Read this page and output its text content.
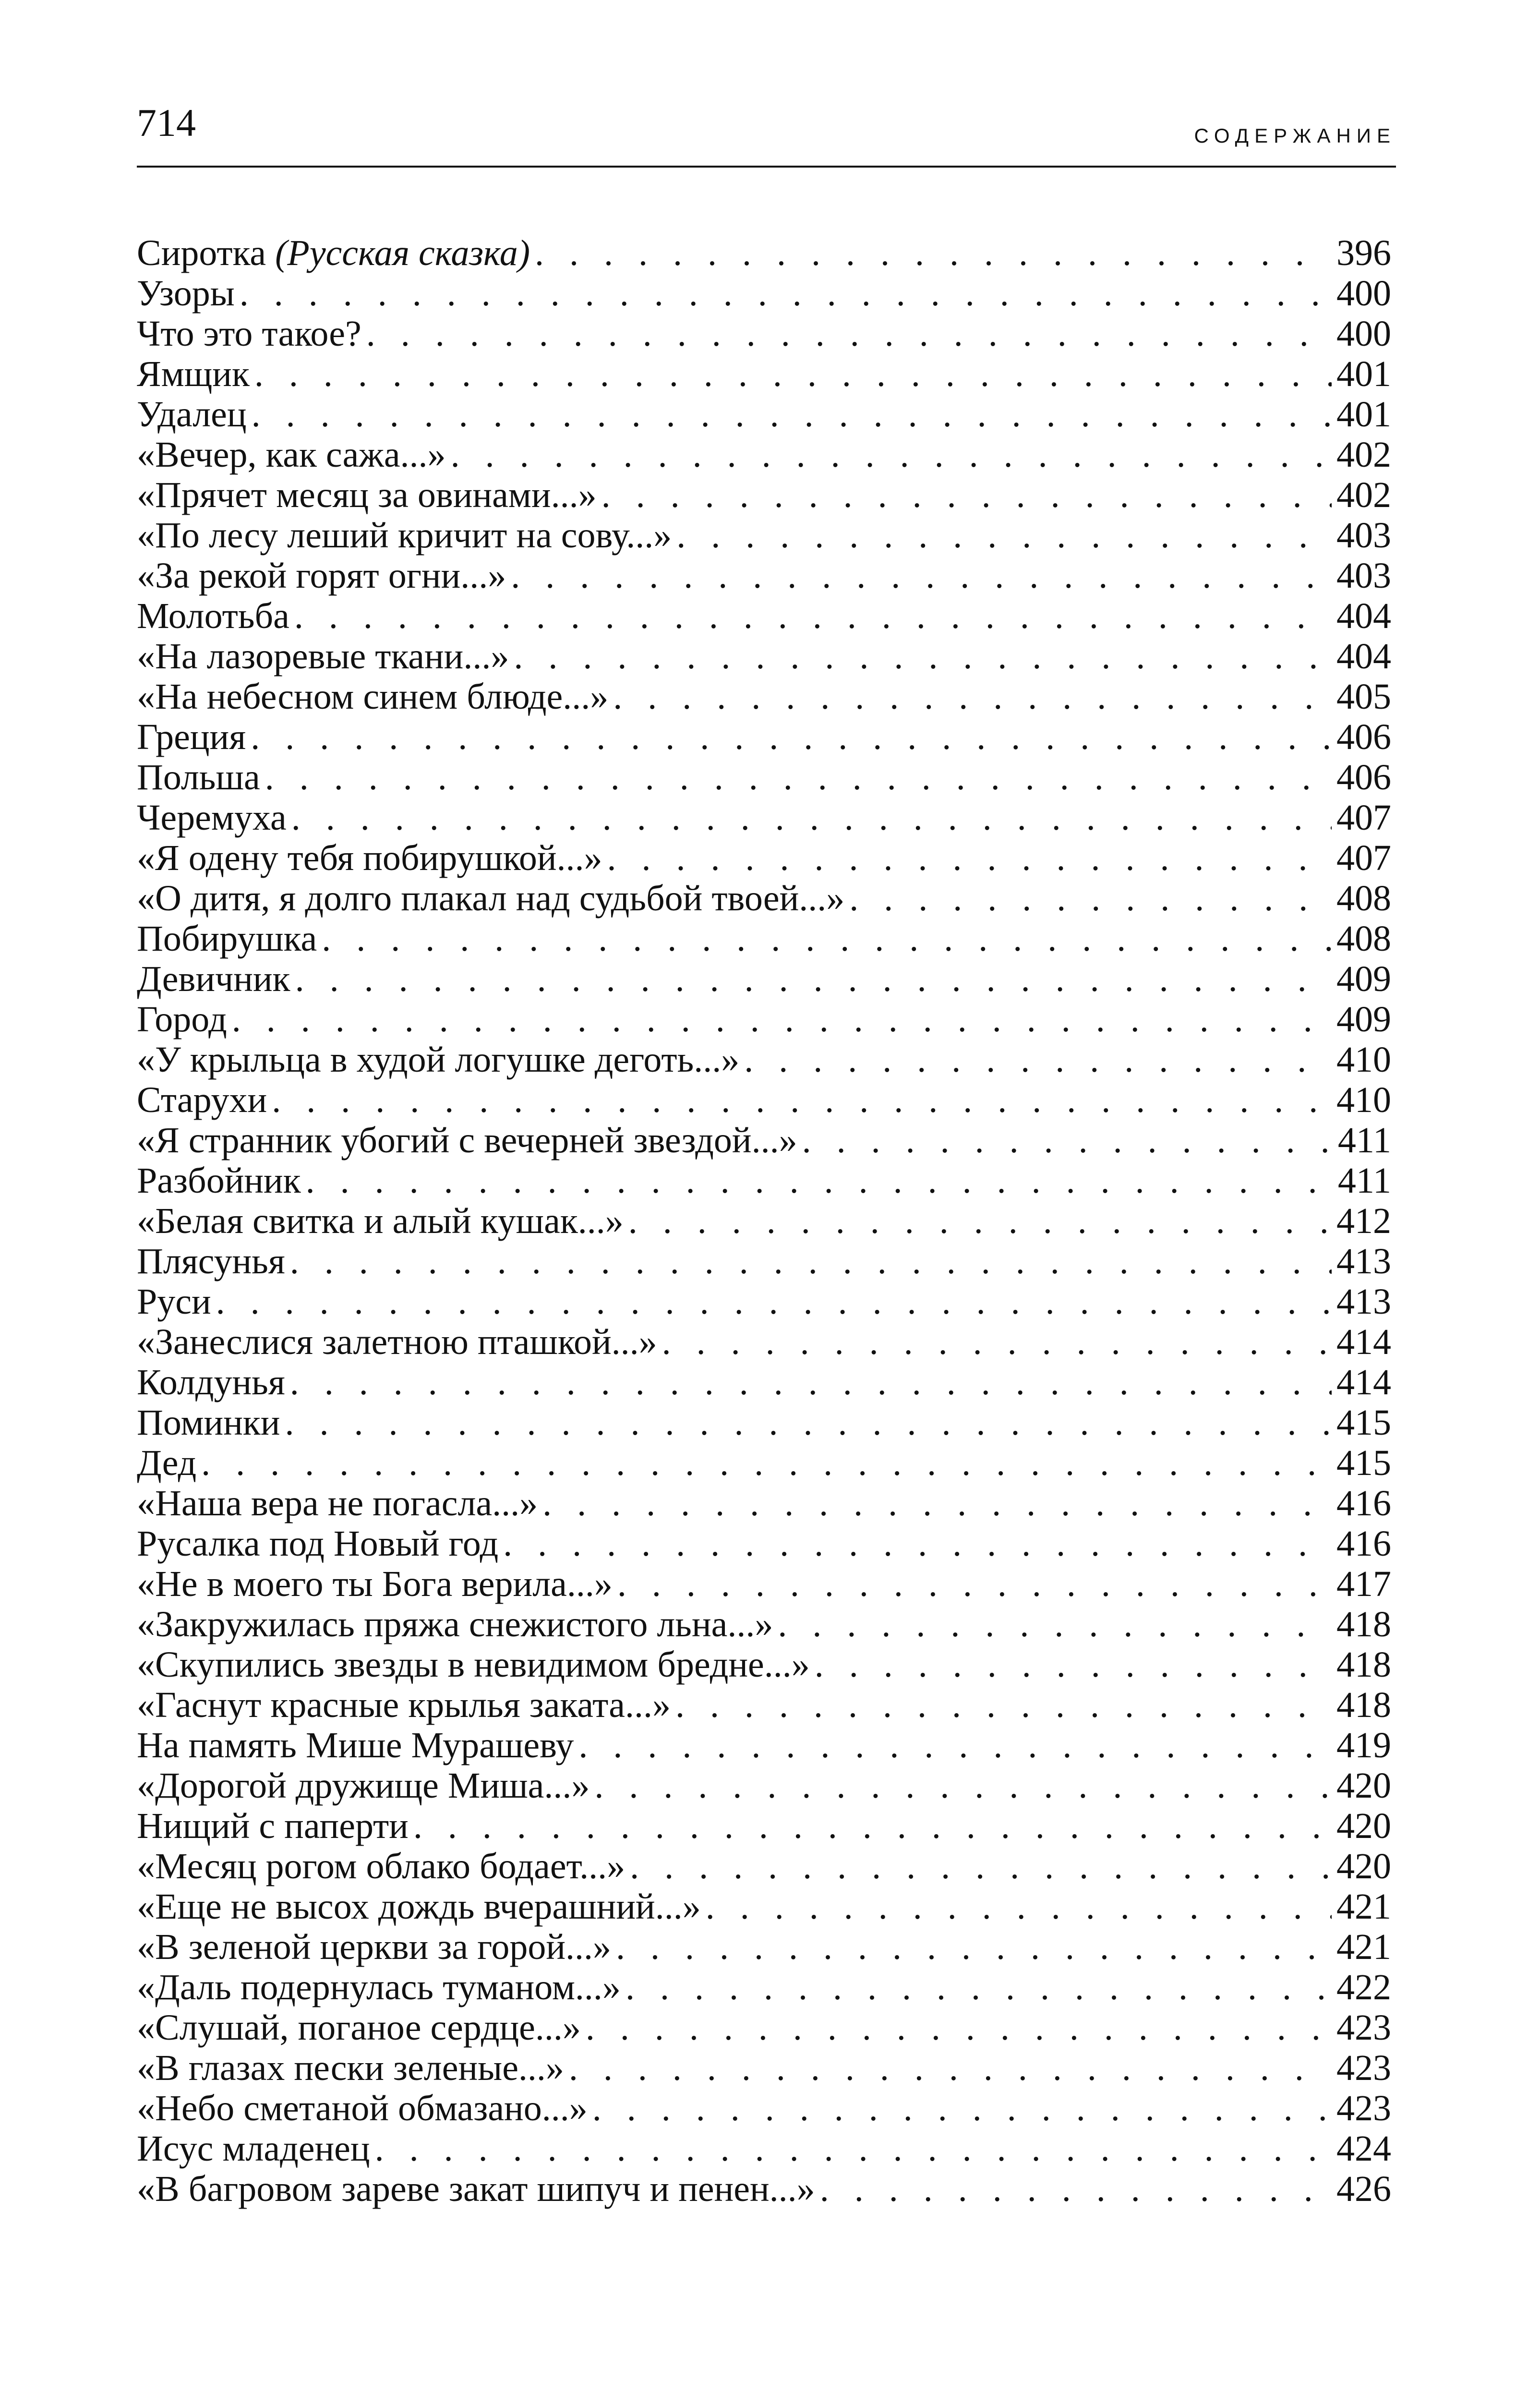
714	СОДЕРЖАНИЕ
Сиротка (Русская сказка) . . .	396
Узоры . . .	400
Что это такое? . . .	400
Ямщик . . .	401
Удалец . . .	401
«Вечер, как сажа...» . . .	402
«Прячет месяц за овинами...» . . .	402
«По лесу леший кричит на сову...» . . .	403
«За рекой горят огни...» . . .	403
Молотьба . . .	404
«На лазоревые ткани...» . . .	404
«На небесном синем блюде...» . . .	405
Греция . . .	406
Польша . . .	406
Черемуха . . .	407
«Я одену тебя побирушкой...» . . .	407
«О дитя, я долго плакал над судьбой твоей...» . . .	408
Побирушка . . .	408
Девичник . . .	409
Город . . .	409
«У крыльца в худой логушке деготь...» . . .	410
Старухи . . .	410
«Я странник убогий с вечерней звездой...» . . .	411
Разбойник . . .	411
«Белая свитка и алый кушак...» . . .	412
Плясунья . . .	413
Руси . . .	413
«Занеслися залетною пташкой...» . . .	414
Колдунья . . .	414
Поминки . . .	415
Дед . . .	415
«Наша вера не погасла...» . . .	416
Русалка под Новый год . . .	416
«Не в моего ты Бога верила...» . . .	417
«Закружилась пряжа снежистого льна...» . . .	418
«Скупились звезды в невидимом бредне...» . . .	418
«Гаснут красные крылья заката...» . . .	418
На память Мише Мурашеву . . .	419
«Дорогой дружище Миша...» . . .	420
Нищий с паперти . . .	420
«Месяц рогом облако бодает...» . . .	420
«Еще не высох дождь вчерашний...» . . .	421
«В зеленой церкви за горой...» . . .	421
«Даль подернулась туманом...» . . .	422
«Слушай, поганое сердце...» . . .	423
«В глазах пески зеленые...» . . .	423
«Небо сметаной обмазано...» . . .	423
Исус младенец . . .	424
«В багровом зареве закат шипуч и пенен...» . . .	426
